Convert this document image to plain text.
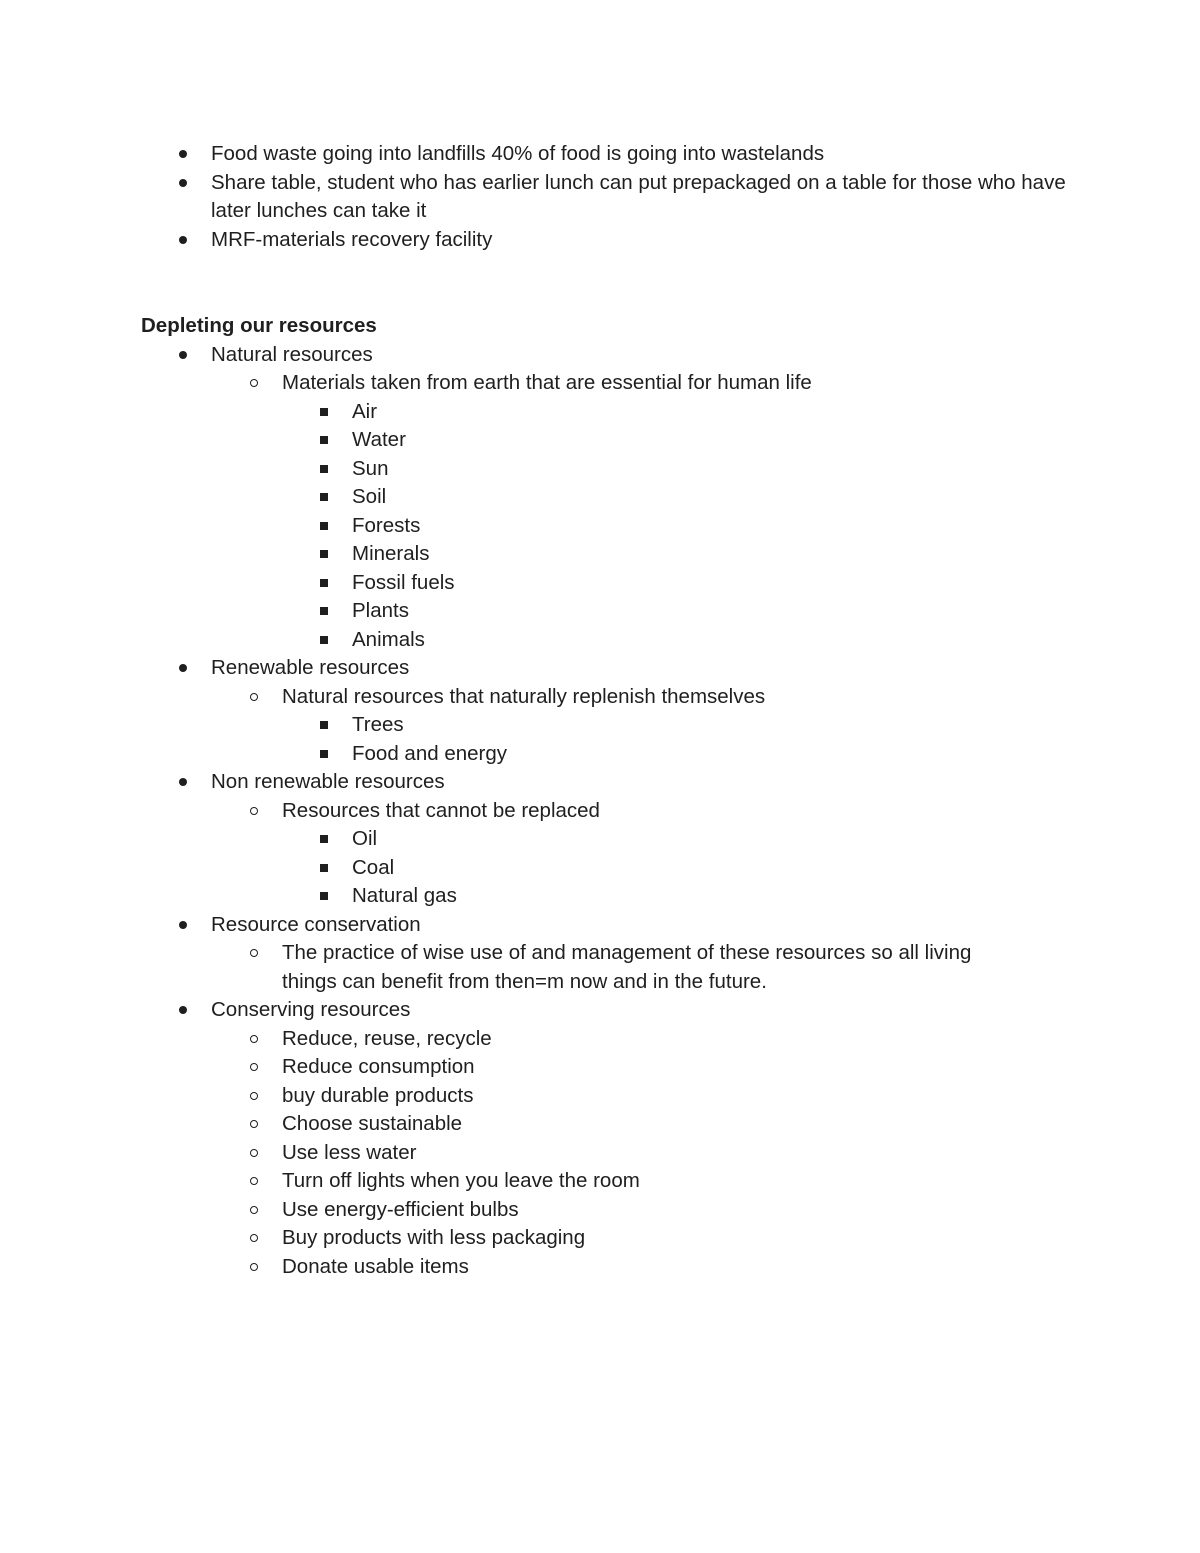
Food waste going into landfills 40% of food is going into wastelands
Share table, student who has earlier lunch can put prepackaged on a table for those who have later lunches can take it
MRF-materials recovery facility
Depleting our resources
Natural resources
Materials taken from earth that are essential for human life
Air
Water
Sun
Soil
Forests
Minerals
Fossil fuels
Plants
Animals
Renewable resources
Natural resources that naturally replenish themselves
Trees
Food and energy
Non renewable resources
Resources that cannot be replaced
Oil
Coal
Natural gas
Resource conservation
The practice of wise use of and management of these resources so all living things can benefit from then=m now and in the future.
Conserving resources
Reduce, reuse, recycle
Reduce consumption
buy durable products
Choose sustainable
Use less water
Turn off lights when you leave the room
Use energy-efficient bulbs
Buy products with less packaging
Donate usable items
